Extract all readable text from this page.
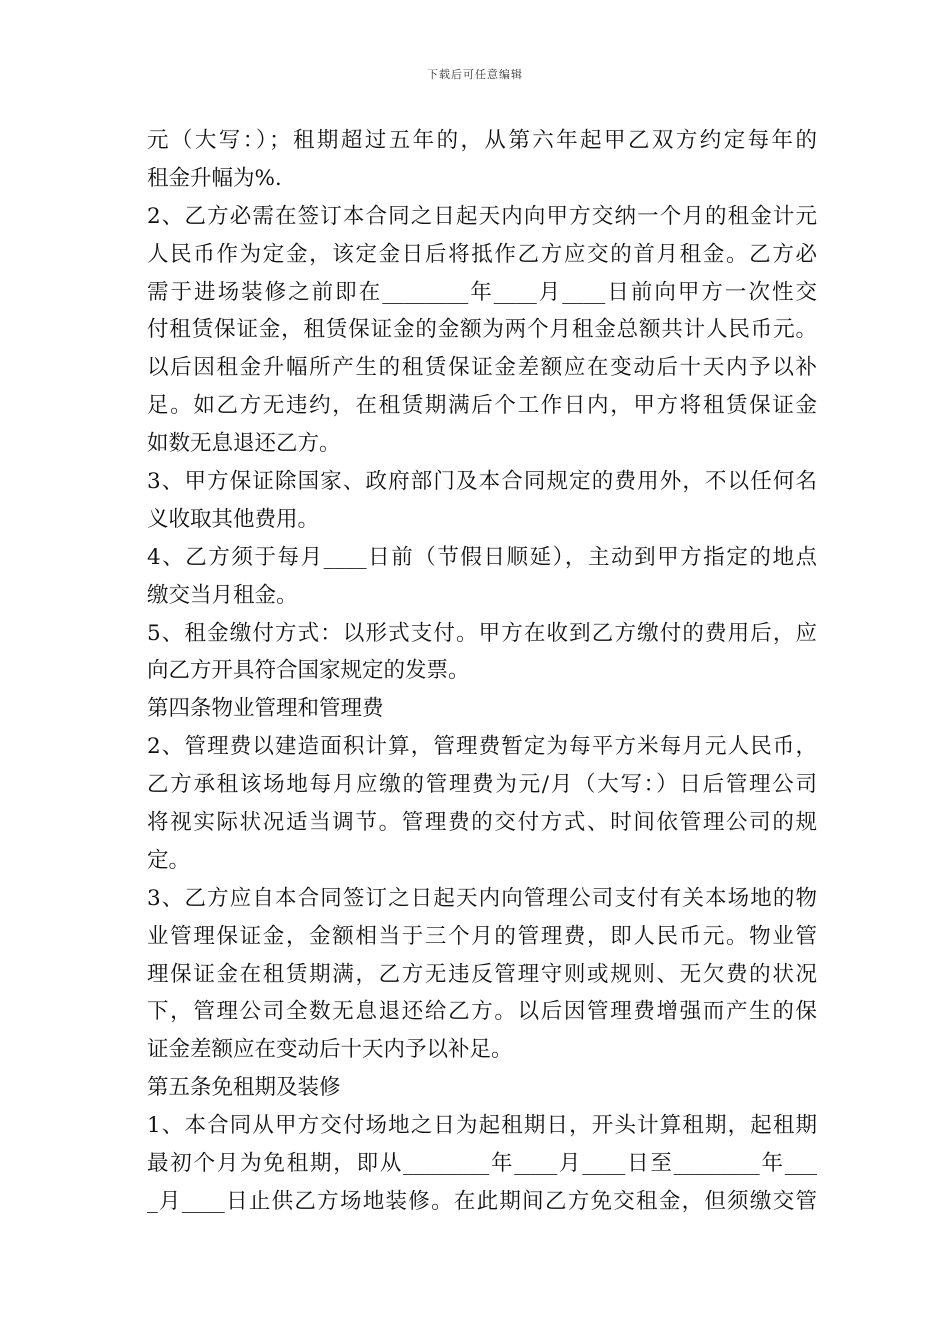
下载后可任意编辑
元（大写：）；租期超过五年的，从第六年起甲乙双方约定每年的
租金升幅为%.
2、乙方必需在签订本合同之日起天内向甲方交纳一个月的租金计元
人民币作为定金，该定金日后将抵作乙方应交的首月租金。乙方必
需于进场装修之前即在________年____月____日前向甲方一次性交
付租赁保证金，租赁保证金的金额为两个月租金总额共计人民币元。
以后因租金升幅所产生的租赁保证金差额应在变动后十天内予以补
足。如乙方无违约，在租赁期满后个工作日内，甲方将租赁保证金
如数无息退还乙方。
3、甲方保证除国家、政府部门及本合同规定的费用外，不以任何名
义收取其他费用。
4、乙方须于每月____日前（节假日顺延），主动到甲方指定的地点
缴交当月租金。
5、租金缴付方式：以形式支付。甲方在收到乙方缴付的费用后，应
向乙方开具符合国家规定的发票。
第四条物业管理和管理费
2、管理费以建造面积计算，管理费暂定为每平方米每月元人民币，
乙方承租该场地每月应缴的管理费为元/月（大写：）日后管理公司
将视实际状况适当调节。管理费的交付方式、时间依管理公司的规
定。
3、乙方应自本合同签订之日起天内向管理公司支付有关本场地的物
业管理保证金，金额相当于三个月的管理费，即人民币元。物业管
理保证金在租赁期满，乙方无违反管理守则或规则、无欠费的状况
下，管理公司全数无息退还给乙方。以后因管理费增强而产生的保
证金差额应在变动后十天内予以补足。
第五条免租期及装修
1、本合同从甲方交付场地之日为起租期日，开头计算租期，起租期
最初个月为免租期，即从________年____月____日至________年___
_月____日止供乙方场地装修。在此期间乙方免交租金，但须缴交管
